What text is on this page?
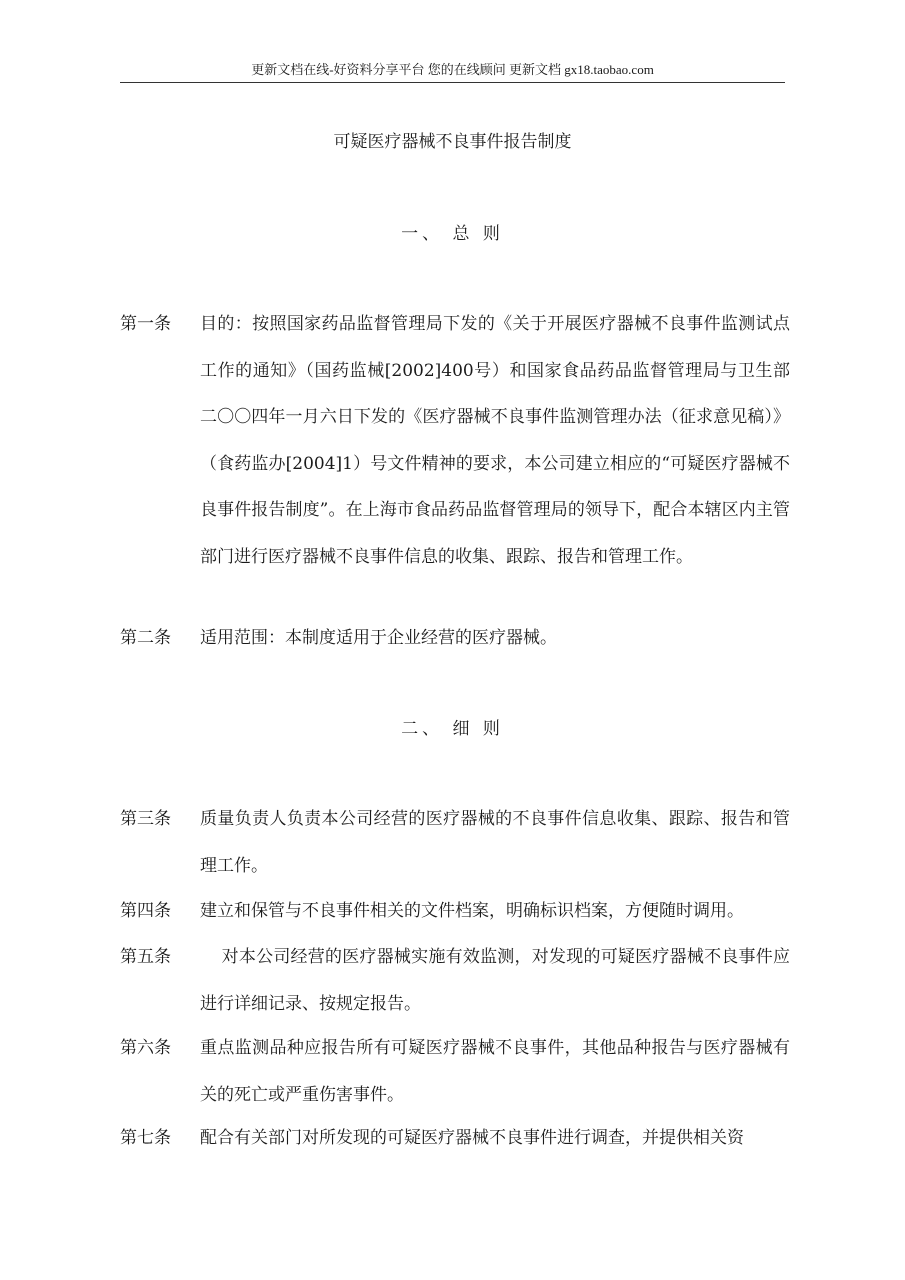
更新文档在线-好资料分享平台 您的在线顾问 更新文档 gx18.taobao.com
可疑医疗器械不良事件报告制度
一、 总 则
第一条	目的：按照国家药品监督管理局下发的《关于开展医疗器械不良事件监测试点工作的通知》（国药监械[2002]400号）和国家食品药品监督管理局与卫生部二〇〇四年一月六日下发的《医疗器械不良事件监测管理办法（征求意见稿）》（食药监办[2004]1）号文件精神的要求，本公司建立相应的“可疑医疗器械不良事件报告制度”。在上海市食品药品监督管理局的领导下，配合本辖区内主管部门进行医疗器械不良事件信息的收集、跟踪、报告和管理工作。
第二条	适用范围：本制度适用于企业经营的医疗器械。
二、 细 则
第三条	质量负责人负责本公司经营的医疗器械的不良事件信息收集、跟踪、报告和管理工作。
第四条	建立和保管与不良事件相关的文件档案，明确标识档案，方便随时调用。
第五条	对本公司经营的医疗器械实施有效监测，对发现的可疑医疗器械不良事件应进行详细记录、按规定报告。
第六条	重点监测品种应报告所有可疑医疗器械不良事件，其他品种报告与医疗器械有关的死亡或严重伤害事件。
第七条	配合有关部门对所发现的可疑医疗器械不良事件进行调查，并提供相关资
